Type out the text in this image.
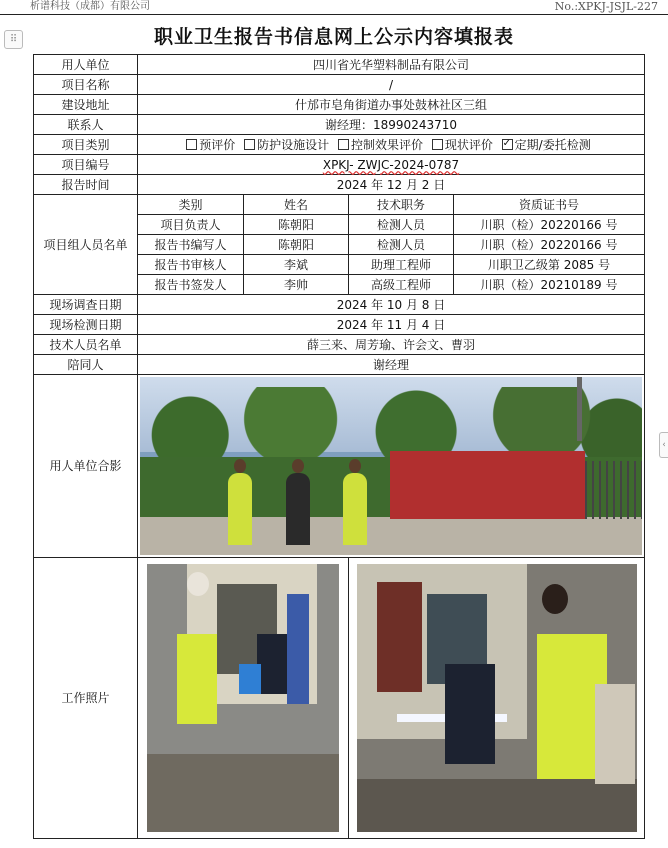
析谱科技（成都）有限公司	No.:XPKJ-JSJL-227
⠿
‹
职业卫生报告书信息网上公示内容填报表
用人单位	四川省光华塑料制品有限公司			
项目名称	/			
建设地址	什邡市皂角街道办事处鼓林社区三组			
联系人	谢经理：18990243710			
项目类别	预评价 防护设施设计 控制效果评价 现状评价 ✓ 定期/委托检测
项目编号	XPKJ- ZWJC-2024-0787			
报告时间	2024 年 12 月 2 日			
项目组人员名单	类别	姓名	技术职务	资质证书号
	项目负责人	陈朝阳	检测人员	川职（检）20220166 号
	报告书编写人	陈朝阳	检测人员	川职（检）20220166 号
	报告书审核人	李斌	助理工程师	川职卫乙级第 2085 号
	报告书签发人	李帅	高级工程师	川职（检）20210189 号
现场调查日期	2024 年 10 月 8 日			
现场检测日期	2024 年 11 月 4 日			
技术人员名单	薛三来、周芳瑜、许会文、曹羽			
陪同人	谢经理			
用人单位合影				

工作照片			
